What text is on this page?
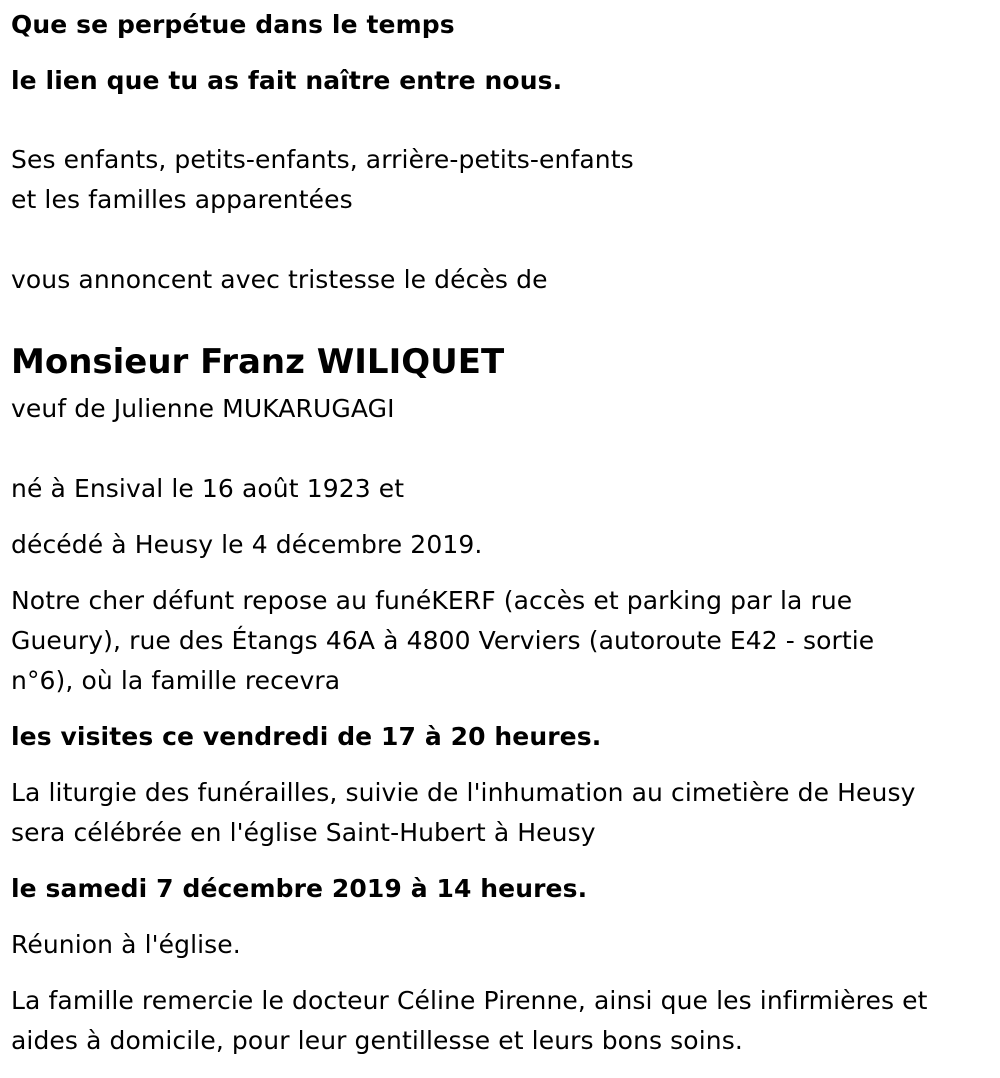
Que se perpétue dans le temps
le lien que tu as fait naître entre nous.
Ses enfants, petits-enfants, arrière-petits-enfants
et les familles apparentées
vous annoncent avec tristesse le décès de
Monsieur Franz WILIQUET
veuf de Julienne MUKARUGAGI
né à Ensival le 16 août 1923 et
décédé à Heusy le 4 décembre 2019.
Notre cher défunt repose au funéKERF (accès et parking par la rue
Gueury), rue des Étangs 46A à 4800 Verviers (autoroute E42 - sortie
n°6), où la famille recevra
les visites ce vendredi de 17 à 20 heures.
La liturgie des funérailles, suivie de l'inhumation au cimetière de Heusy
sera célébrée en l'église Saint-Hubert à Heusy
le samedi 7 décembre 2019 à 14 heures.
Réunion à l'église.
La famille remercie le docteur Céline Pirenne, ainsi que les infirmières et
aides à domicile, pour leur gentillesse et leurs bons soins.
